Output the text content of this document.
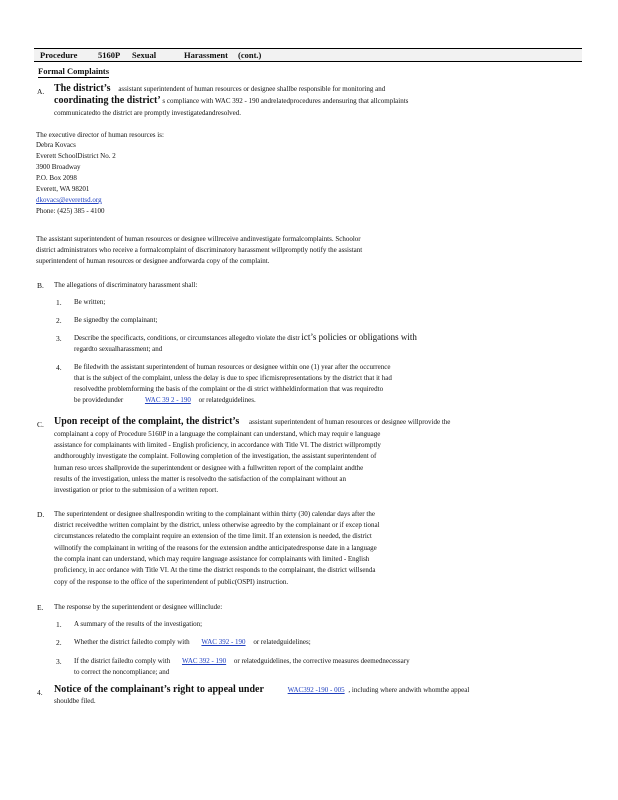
Procedure 5160P Sexual	Harassment (cont.)
Formal Complaints
A. The district’s assistant superintendent of human resources or designee shallbe responsible for monitoring and
coordinating the district’ s compliance with WAC 392 - 190 andrelatedprocedures andensuring that allcomplaints
communicatedto the district are promptly investigatedandresolved.
The executive director of human resources is:
Debra Kovacs
Everett SchoolDistrict No. 2
3900 Broadway
P.O. Box 2098
Everett, WA 98201
dkovacs@everettsd.org
Phone: (425) 385 - 4100
The assistant superintendent of human resources or designee willreceive andinvestigate formalcomplaints. Schoolor
district administrators who receive a formalcomplaint of discriminatory harassment willpromptly notify the assistant
superintendent of human resources or designee andforwarda copy of the complaint.
B. The allegations of discriminatory harassment shall:
1. Be written;
2. Be signedby the complainant;
3. Describe the specificacts, conditions, or circumstances allegedto violate the distr ict’s policies or obligations with
regardto sexualharassment; and
4. Be filedwith the assistant superintendent of human resources or designee within one (1) year after the occurrence
that is the subject of the complaint, unless the delay is due to spec ificmisrepresentations by the district that it had
resolvedthe problemforming the basis of the complaint or the di strict withheldinformation that was requiredto
be providedunder	WAC 39 2 - 190 or relatedguidelines.
C. Upon receipt of the complaint, the district’s assistant superintendent of human resources or designee willprovide the
complainant a copy of Procedure 5160P in a language the complainant can understand, which may requir e language
assistance for complainants with limited - English proficiency, in accordance with Title VI. The district willpromptly
andthoroughly investigate the complaint. Following completion of the investigation, the assistant superintendent of
human reso urces shallprovide the superintendent or designee with a fullwritten report of the complaint andthe
results of the investigation, unless the matter is resolvedto the satisfaction of the complainant without an
investigation or prior to the submission of a written report.
D. The superintendent or designee shallrespondin writing to the complainant within thirty (30) calendar days after the
district receivedthe written complaint by the district, unless otherwise agreedto by the complainant or if excep tional
circumstances relatedto the complaint require an extension of the time limit. If an extension is needed, the district
willnotify the complainant in writing of the reasons for the extension andthe anticipatedresponse date in a language
the compla inant can understand, which may require language assistance for complainants with limited - English
proficiency, in acc ordance with Title VI. At the time the district responds to the complainant, the district willsenda
copy of the response to the office of the superintendent of public(OSPI) instruction.
E. The response by the superintendent or designee willinclude:
1. A summary of the results of the investigation;
2. Whether the district failedto comply with WAC 392 - 190 or relatedguidelines;
3. If the district failedto comply with WAC 392 - 190 or relatedguidelines, the corrective measures deemednecessary
to correct the noncompliance; and
4. Notice of the complainant’s right to appeal under	WAC392 -190 - 005 , including where andwith whomthe appeal
shouldbe filed.
